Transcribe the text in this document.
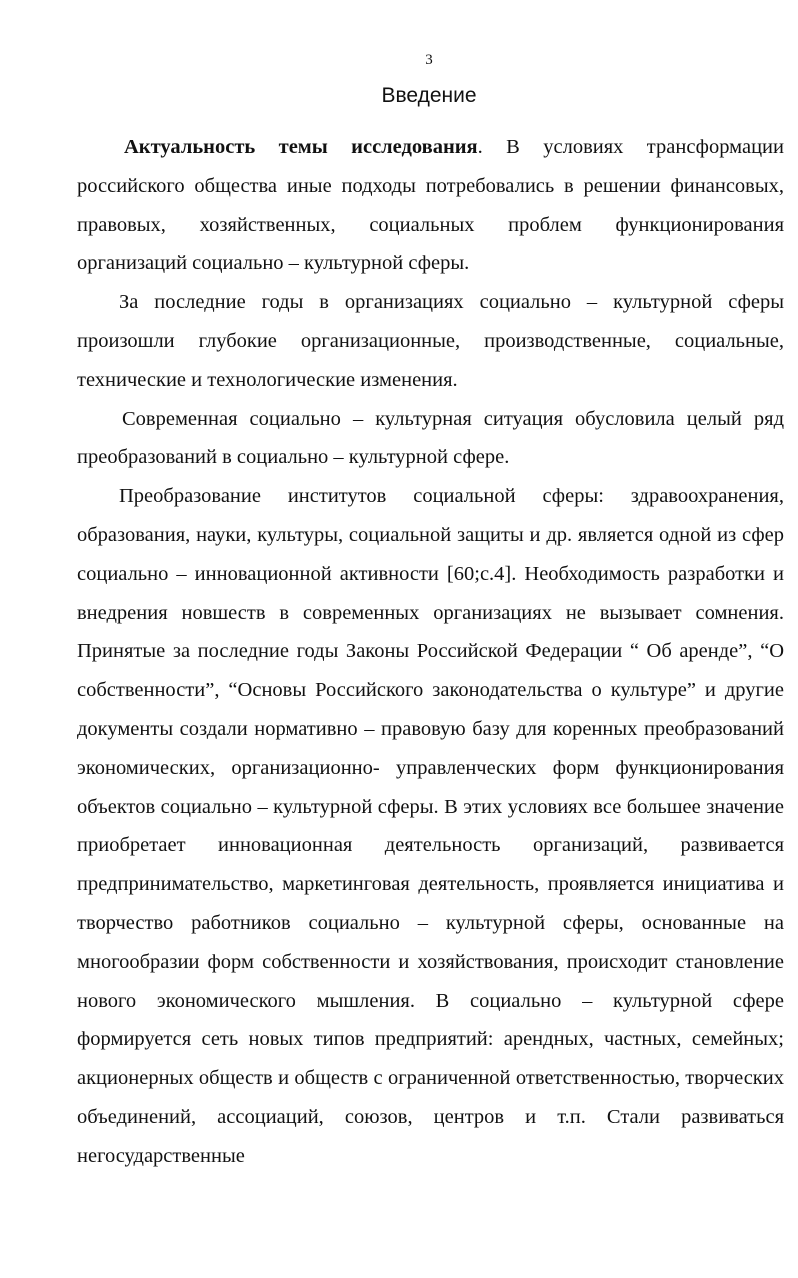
3
Введение

Актуальность темы исследования. В условиях трансформации российского общества иные подходы потребовались в решении финансовых, правовых, хозяйственных, социальных проблем функционирования организаций социально – культурной сферы.

За последние годы в организациях социально – культурной сферы произошли глубокие организационные, производственные, социальные, технические и технологические изменения.

Современная социально – культурная ситуация обусловила целый ряд преобразований в социально – культурной сфере.

Преобразование институтов социальной сферы: здравоохранения, образования, науки, культуры, социальной защиты и др. является одной из сфер социально – инновационной активности [60;с.4]. Необходимость разработки и внедрения новшеств в современных организациях не вызывает сомнения. Принятые за последние годы Законы Российской Федерации “ Об аренде”, “О собственности”, “Основы Российского законодательства о культуре” и другие документы создали нормативно – правовую базу для коренных преобразований экономических, организационно- управленческих форм функционирования объектов социально – культурной сферы. В этих условиях все большее значение приобретает инновационная деятельность организаций, развивается предпринимательство, маркетинговая деятельность, проявляется инициатива и творчество работников социально – культурной сферы, основанные на многообразии форм собственности и хозяйствования, происходит становление нового экономического мышления. В социально – культурной сфере формируется сеть новых типов предприятий: арендных, частных, семейных; акционерных обществ и обществ с ограниченной ответственностью, творческих объединений, ассоциаций, союзов, центров и т.п. Стали развиваться негосударственные
